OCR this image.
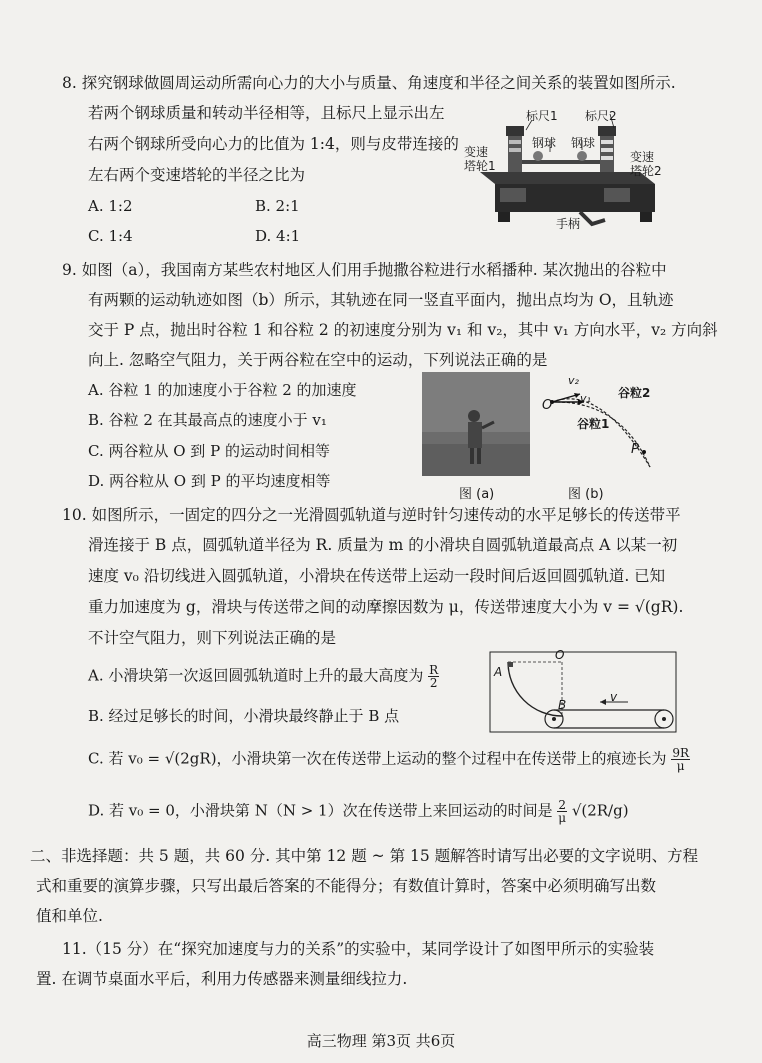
8. 探究钢球做圆周运动所需向心力的大小与质量、角速度和半径之间关系的装置如图所示.
若两个钢球质量和转动半径相等，且标尺上显示出左
右两个钢球所受向心力的比值为 1:4，则与皮带连接的
左右两个变速塔轮的半径之比为
A. 1:2	B. 2:1
C. 1:4	D. 4:1
标尺1 标尺2
钢球 钢球
变速
塔轮1
变速
塔轮2
手柄
9. 如图（a），我国南方某些农村地区人们用手抛撒谷粒进行水稻播种. 某次抛出的谷粒中
有两颗的运动轨迹如图（b）所示，其轨迹在同一竖直平面内，抛出点均为 O，且轨迹
交于 P 点，抛出时谷粒 1 和谷粒 2 的初速度分别为 v₁ 和 v₂，其中 v₁ 方向水平，v₂ 方向斜
向上. 忽略空气阻力，关于两谷粒在空中的运动，下列说法正确的是
A. 谷粒 1 的加速度小于谷粒 2 的加速度
B. 谷粒 2 在其最高点的速度小于 v₁
C. 两谷粒从 O 到 P 的运动时间相等
D. 两谷粒从 O 到 P 的平均速度相等
图 (a)
O
v₂
v₁ 谷粒2
谷粒1
P
图 (b)
10. 如图所示，一固定的四分之一光滑圆弧轨道与逆时针匀速传动的水平足够长的传送带平
滑连接于 B 点，圆弧轨道半径为 R. 质量为 m 的小滑块自圆弧轨道最高点 A 以某一初
速度 v₀ 沿切线进入圆弧轨道，小滑块在传送带上运动一段时间后返回圆弧轨道. 已知
重力加速度为 g，滑块与传送带之间的动摩擦因数为 μ，传送带速度大小为 v = √(gR).
不计空气阻力，则下列说法正确的是
A. 小滑块第一次返回圆弧轨道时上升的最大高度为 $\frac{R}{2}$
B. 经过足够长的时间，小滑块最终静止于 B 点
C. 若 v₀ = √(2gR)，小滑块第一次在传送带上运动的整个过程中在传送带上的痕迹长为 $\frac{9R}{\mu}$
D. 若 v₀ = 0，小滑块第 N（N > 1）次在传送带上来回运动的时间是 $\frac{2}{\mu} √(2R/g)$
A
O
B
v
二、非选择题：共 5 题，共 60 分. 其中第 12 题 ~ 第 15 题解答时请写出必要的文字说明、方程
式和重要的演算步骤，只写出最后答案的不能得分；有数值计算时，答案中必须明确写出数
值和单位.
11.（15 分）在“探究加速度与力的关系”的实验中，某同学设计了如图甲所示的实验装
置. 在调节桌面水平后，利用力传感器来测量细线拉力.
高三物理 第3页 共6页
